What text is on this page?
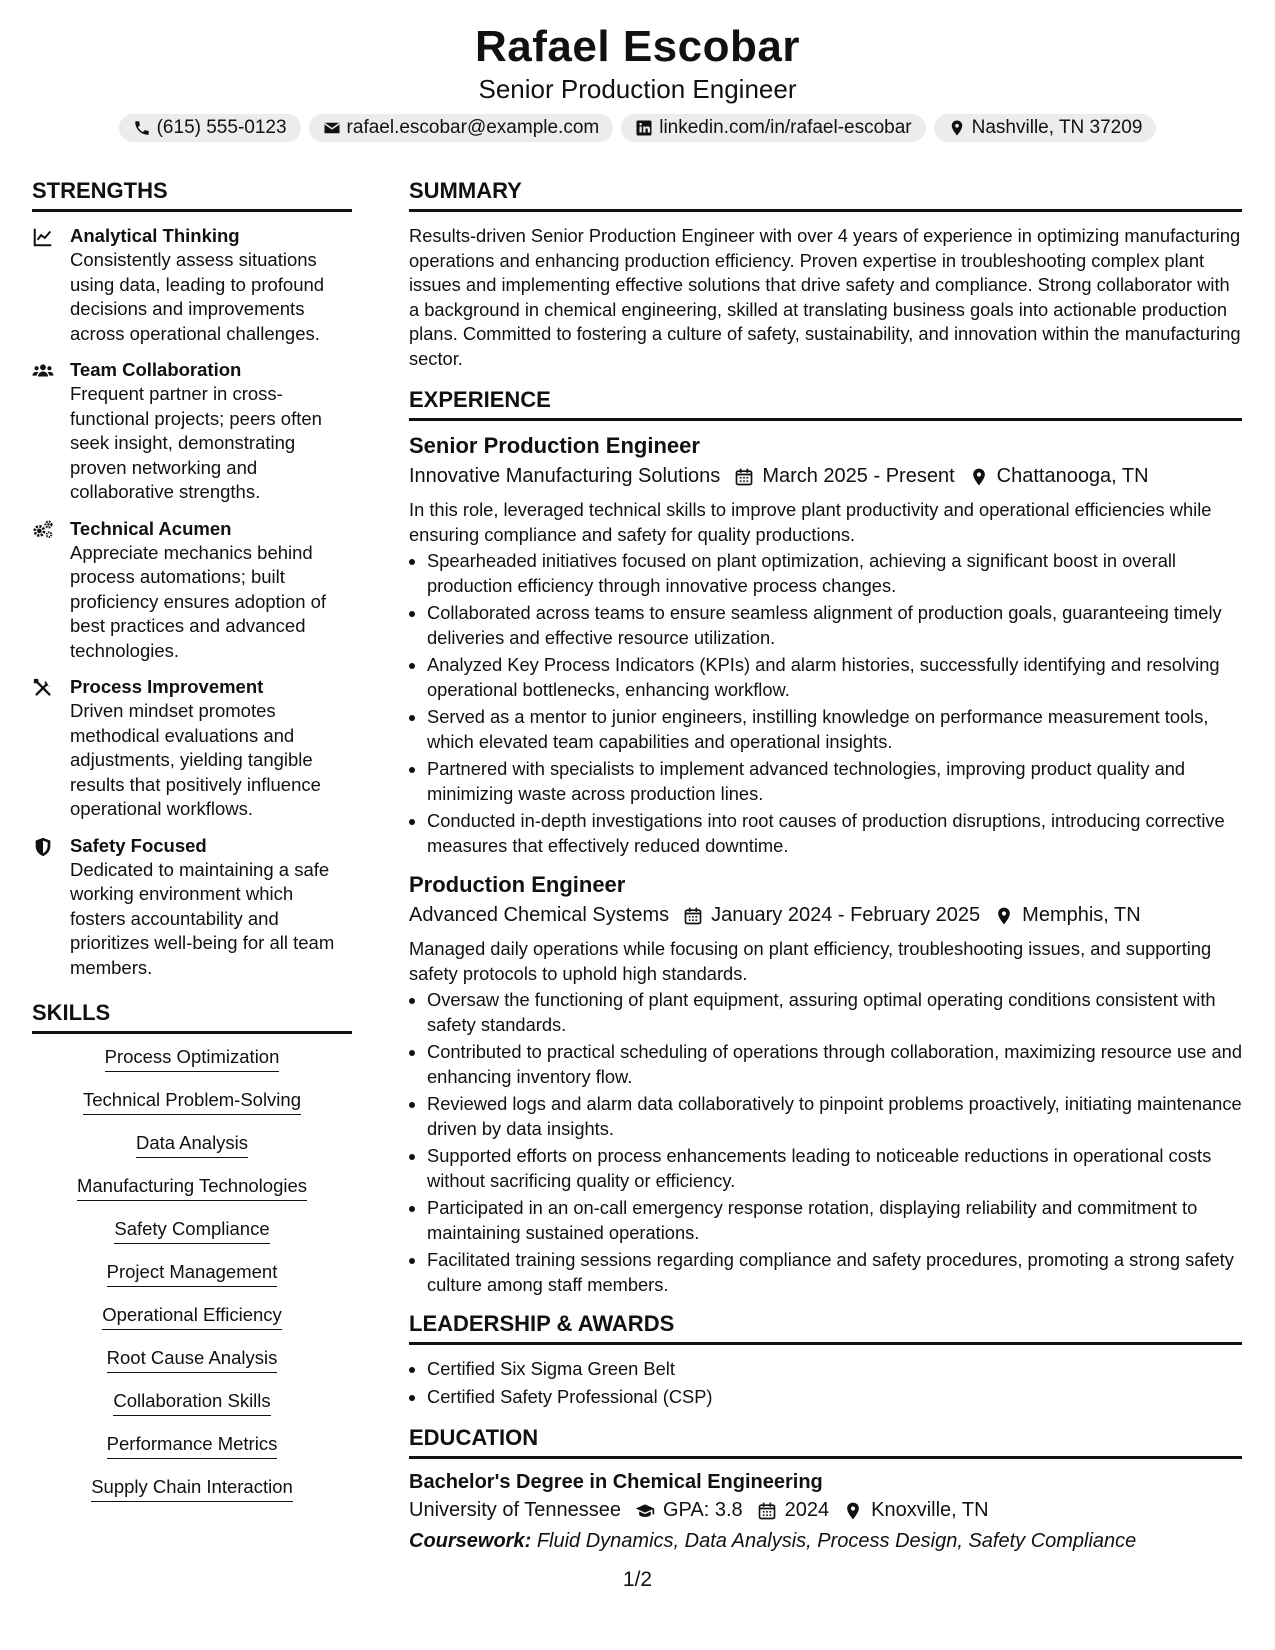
Rafael Escobar
Senior Production Engineer
(615) 555-0123	rafael.escobar@example.com	linkedin.com/in/rafael-escobar	Nashville, TN 37209
STRENGTHS
Analytical Thinking
Consistently assess situations using data, leading to profound decisions and improvements across operational challenges.
Team Collaboration
Frequent partner in cross-functional projects; peers often seek insight, demonstrating proven networking and collaborative strengths.
Technical Acumen
Appreciate mechanics behind process automations; built proficiency ensures adoption of best practices and advanced technologies.
Process Improvement
Driven mindset promotes methodical evaluations and adjustments, yielding tangible results that positively influence operational workflows.
Safety Focused
Dedicated to maintaining a safe working environment which fosters accountability and prioritizes well-being for all team members.
SKILLS
Process Optimization
Technical Problem-Solving
Data Analysis
Manufacturing Technologies
Safety Compliance
Project Management
Operational Efficiency
Root Cause Analysis
Collaboration Skills
Performance Metrics
Supply Chain Interaction
SUMMARY
Results-driven Senior Production Engineer with over 4 years of experience in optimizing manufacturing operations and enhancing production efficiency. Proven expertise in troubleshooting complex plant issues and implementing effective solutions that drive safety and compliance. Strong collaborator with a background in chemical engineering, skilled at translating business goals into actionable production plans. Committed to fostering a culture of safety, sustainability, and innovation within the manufacturing sector.
EXPERIENCE
Senior Production Engineer
Innovative Manufacturing Solutions March 2025 - Present Chattanooga, TN
In this role, leveraged technical skills to improve plant productivity and operational efficiencies while ensuring compliance and safety for quality productions.
• Spearheaded initiatives focused on plant optimization, achieving a significant boost in overall production efficiency through innovative process changes.
• Collaborated across teams to ensure seamless alignment of production goals, guaranteeing timely deliveries and effective resource utilization.
• Analyzed Key Process Indicators (KPIs) and alarm histories, successfully identifying and resolving operational bottlenecks, enhancing workflow.
• Served as a mentor to junior engineers, instilling knowledge on performance measurement tools, which elevated team capabilities and operational insights.
• Partnered with specialists to implement advanced technologies, improving product quality and minimizing waste across production lines.
• Conducted in-depth investigations into root causes of production disruptions, introducing corrective measures that effectively reduced downtime.
Production Engineer
Advanced Chemical Systems January 2024 - February 2025 Memphis, TN
Managed daily operations while focusing on plant efficiency, troubleshooting issues, and supporting safety protocols to uphold high standards.
• Oversaw the functioning of plant equipment, assuring optimal operating conditions consistent with safety standards.
• Contributed to practical scheduling of operations through collaboration, maximizing resource use and enhancing inventory flow.
• Reviewed logs and alarm data collaboratively to pinpoint problems proactively, initiating maintenance driven by data insights.
• Supported efforts on process enhancements leading to noticeable reductions in operational costs without sacrificing quality or efficiency.
• Participated in an on-call emergency response rotation, displaying reliability and commitment to maintaining sustained operations.
• Facilitated training sessions regarding compliance and safety procedures, promoting a strong safety culture among staff members.
LEADERSHIP & AWARDS
• Certified Six Sigma Green Belt
• Certified Safety Professional (CSP)
EDUCATION
Bachelor's Degree in Chemical Engineering
University of Tennessee GPA: 3.8 2024 Knoxville, TN
Coursework: Fluid Dynamics, Data Analysis, Process Design, Safety Compliance
1/2
